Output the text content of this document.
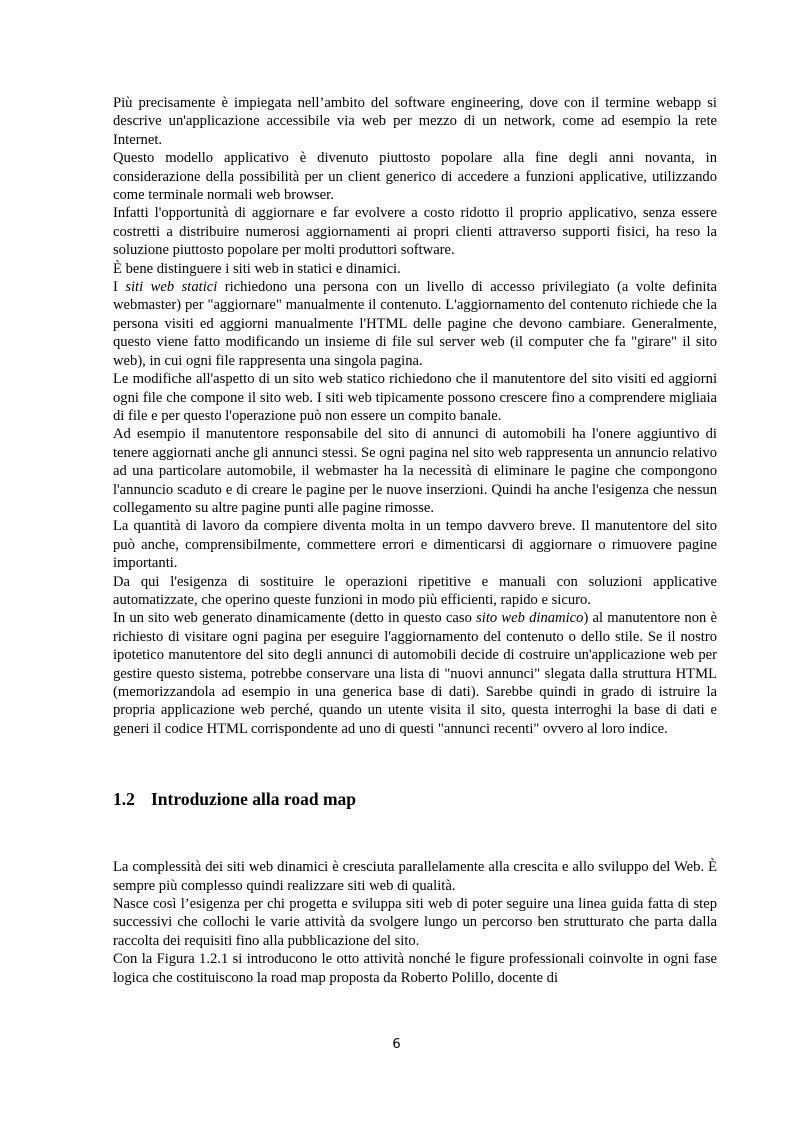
Più precisamente è impiegata nell’ambito del software engineering, dove con il termine webapp si descrive un'applicazione accessibile via web per mezzo di un network, come ad esempio la rete Internet.

Questo modello applicativo è divenuto piuttosto popolare alla fine degli anni novanta, in considerazione della possibilità per un client generico di accedere a funzioni applicative, utilizzando come terminale normali web browser.

Infatti l'opportunità di aggiornare e far evolvere a costo ridotto il proprio applicativo, senza essere costretti a distribuire numerosi aggiornamenti ai propri clienti attraverso supporti fisici, ha reso la soluzione piuttosto popolare per molti produttori software.

È bene distinguere i siti web in statici e dinamici.

I siti web statici richiedono una persona con un livello di accesso privilegiato (a volte definita webmaster) per "aggiornare" manualmente il contenuto. L'aggiornamento del contenuto richiede che la persona visiti ed aggiorni manualmente l'HTML delle pagine che devono cambiare. Generalmente, questo viene fatto modificando un insieme di file sul server web (il computer che fa "girare" il sito web), in cui ogni file rappresenta una singola pagina.

Le modifiche all'aspetto di un sito web statico richiedono che il manutentore del sito visiti ed aggiorni ogni file che compone il sito web. I siti web tipicamente possono crescere fino a comprendere migliaia di file e per questo l'operazione può non essere un compito banale.

Ad esempio il manutentore responsabile del sito di annunci di automobili ha l'onere aggiuntivo di tenere aggiornati anche gli annunci stessi. Se ogni pagina nel sito web rappresenta un annuncio relativo ad una particolare automobile, il webmaster ha la necessità di eliminare le pagine che compongono l'annuncio scaduto e di creare le pagine per le nuove inserzioni. Quindi ha anche l'esigenza che nessun collegamento su altre pagine punti alle pagine rimosse.

La quantità di lavoro da compiere diventa molta in un tempo davvero breve. Il manutentore del sito può anche, comprensibilmente, commettere errori e dimenticarsi di aggiornare o rimuovere pagine importanti.

Da qui l'esigenza di sostituire le operazioni ripetitive e manuali con soluzioni applicative automatizzate, che operino queste funzioni in modo più efficienti, rapido e sicuro.

In un sito web generato dinamicamente (detto in questo caso sito web dinamico) al manutentore non è richiesto di visitare ogni pagina per eseguire l'aggiornamento del contenuto o dello stile. Se il nostro ipotetico manutentore del sito degli annunci di automobili decide di costruire un'applicazione web per gestire questo sistema, potrebbe conservare una lista di "nuovi annunci" slegata dalla struttura HTML (memorizzandola ad esempio in una generica base di dati). Sarebbe quindi in grado di istruire la propria applicazione web perché, quando un utente visita il sito, questa interroghi la base di dati e generi il codice HTML corrispondente ad uno di questi "annunci recenti" ovvero al loro indice.

1.2 Introduzione alla road map

La complessità dei siti web dinamici è cresciuta parallelamente alla crescita e allo sviluppo del Web. È sempre più complesso quindi realizzare siti web di qualità.

Nasce così l’esigenza per chi progetta e sviluppa siti web di poter seguire una linea guida fatta di step successivi che collochi le varie attività da svolgere lungo un percorso ben strutturato che parta dalla raccolta dei requisiti fino alla pubblicazione del sito.

Con la Figura 1.2.1 si introducono le otto attività nonché le figure professionali coinvolte in ogni fase logica che costituiscono la road map proposta da Roberto Polillo, docente di

6
